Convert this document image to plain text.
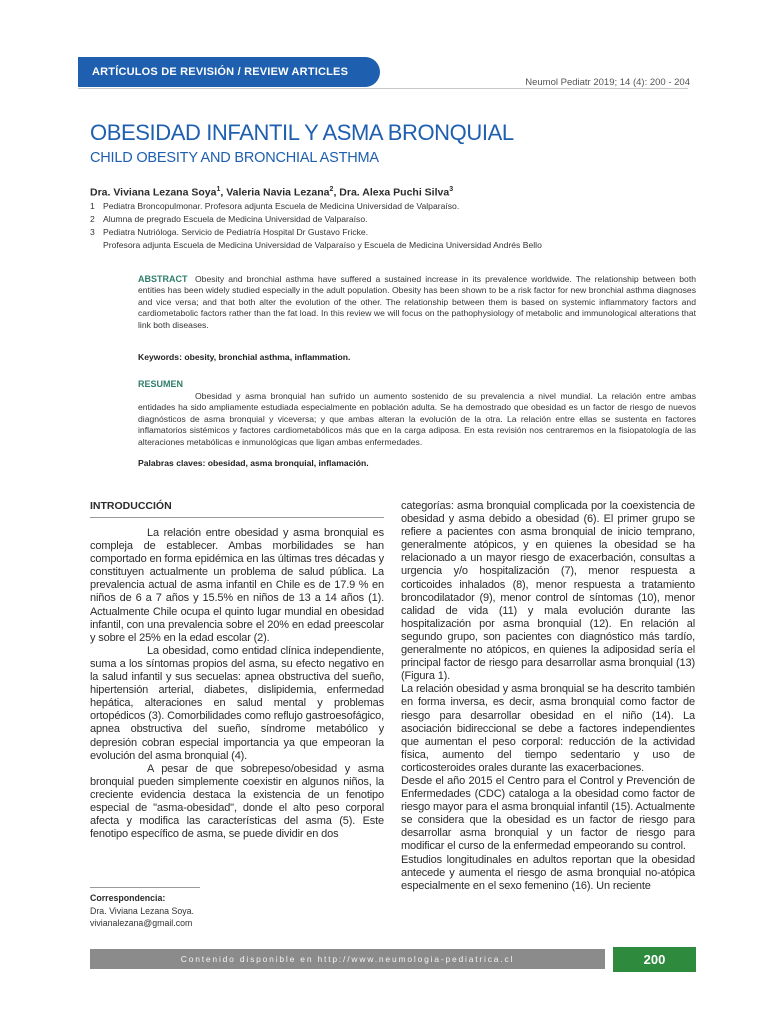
ARTÍCULOS DE REVISIÓN / REVIEW ARTICLES
Neumol Pediatr 2019; 14 (4): 200 - 204
OBESIDAD INFANTIL Y ASMA BRONQUIAL
CHILD OBESITY AND BRONCHIAL ASTHMA
Dra. Viviana Lezana Soya$^1$, Valeria Navia Lezana$^2$, Dra. Alexa Puchi Silva$^3$
1 Pediatra Broncopulmonar. Profesora adjunta Escuela de Medicina Universidad de Valparaíso.
2 Alumna de pregrado Escuela de Medicina Universidad de Valparaíso.
3 Pediatra Nutrióloga. Servicio de Pediatría Hospital Dr Gustavo Fricke.
Profesora adjunta Escuela de Medicina Universidad de Valparaíso y Escuela de Medicina Universidad Andrés Bello
ABSTRACT Obesity and bronchial asthma have suffered a sustained increase in its prevalence worldwide. The relationship between both entities has been widely studied especially in the adult population. Obesity has been shown to be a risk factor for new bronchial asthma diagnoses and vice versa; and that both alter the evolution of the other. The relationship between them is based on systemic inflammatory factors and cardiometabolic factors rather than the fat load. In this review we will focus on the pathophysiology of metabolic and immunological alterations that link both diseases.
Keywords: obesity, bronchial asthma, inflammation.
RESUMEN
Obesidad y asma bronquial han sufrido un aumento sostenido de su prevalencia a nivel mundial. La relación entre ambas entidades ha sido ampliamente estudiada especialmente en población adulta. Se ha demostrado que obesidad es un factor de riesgo de nuevos diagnósticos de asma bronquial y viceversa; y que ambas alteran la evolución de la otra. La relación entre ellas se sustenta en factores inflamatorios sistémicos y factores cardiometabólicos más que en la carga adiposa. En esta revisión nos centraremos en la fisiopatología de las alteraciones metabólicas e inmunológicas que ligan ambas enfermedades.
Palabras claves: obesidad, asma bronquial, inflamación.
INTRODUCCIÓN

La relación entre obesidad y asma bronquial es compleja de establecer. Ambas morbilidades se han comportado en forma epidémica en las últimas tres décadas y constituyen actualmente un problema de salud pública. La prevalencia actual de asma infantil en Chile es de 17.9 % en niños de 6 a 7 años y 15.5% en niños de 13 a 14 años (1). Actualmente Chile ocupa el quinto lugar mundial en obesidad infantil, con una prevalencia sobre el 20% en edad preescolar y sobre el 25% en la edad escolar (2).

La obesidad, como entidad clínica independiente, suma a los síntomas propios del asma, su efecto negativo en la salud infantil y sus secuelas: apnea obstructiva del sueño, hipertensión arterial, diabetes, dislipidemia, enfermedad hepática, alteraciones en salud mental y problemas ortopédicos (3). Comorbilidades como reflujo gastroesofágico, apnea obstructiva del sueño, síndrome metabólico y depresión cobran especial importancia ya que empeoran la evolución del asma bronquial (4).

A pesar de que sobrepeso/obesidad y asma bronquial pueden simplemente coexistir en algunos niños, la creciente evidencia destaca la existencia de un fenotipo especial de "asma-obesidad", donde el alto peso corporal afecta y modifica las características del asma (5). Este fenotipo específico de asma, se puede dividir en dos

categorías: asma bronquial complicada por la coexistencia de obesidad y asma debido a obesidad (6). El primer grupo se refiere a pacientes con asma bronquial de inicio temprano, generalmente atópicos, y en quienes la obesidad se ha relacionado a un mayor riesgo de exacerbación, consultas a urgencia y/o hospitalización (7), menor respuesta a corticoides inhalados (8), menor respuesta a tratamiento broncodilatador (9), menor control de síntomas (10), menor calidad de vida (11) y mala evolución durante las hospitalización por asma bronquial (12). En relación al segundo grupo, son pacientes con diagnóstico más tardío, generalmente no atópicos, en quienes la adiposidad sería el principal factor de riesgo para desarrollar asma bronquial (13) (Figura 1).

La relación obesidad y asma bronquial se ha descrito también en forma inversa, es decir, asma bronquial como factor de riesgo para desarrollar obesidad en el niño (14). La asociación bidireccional se debe a factores independientes que aumentan el peso corporal: reducción de la actividad física, aumento del tiempo sedentario y uso de corticosteroides orales durante las exacerbaciones.

Desde el año 2015 el Centro para el Control y Prevención de Enfermedades (CDC) cataloga a la obesidad como factor de riesgo mayor para el asma bronquial infantil (15). Actualmente se considera que la obesidad es un factor de riesgo para desarrollar asma bronquial y un factor de riesgo para modificar el curso de la enfermedad empeorando su control.

Estudios longitudinales en adultos reportan que la obesidad antecede y aumenta el riesgo de asma bronquial no-atópica especialmente en el sexo femenino (16). Un reciente

Correspondencia:
Dra. Viviana Lezana Soya.
vivianalezana@gmail.com
Contenido disponible en http://www.neumologia-pediatrica.cl	200
